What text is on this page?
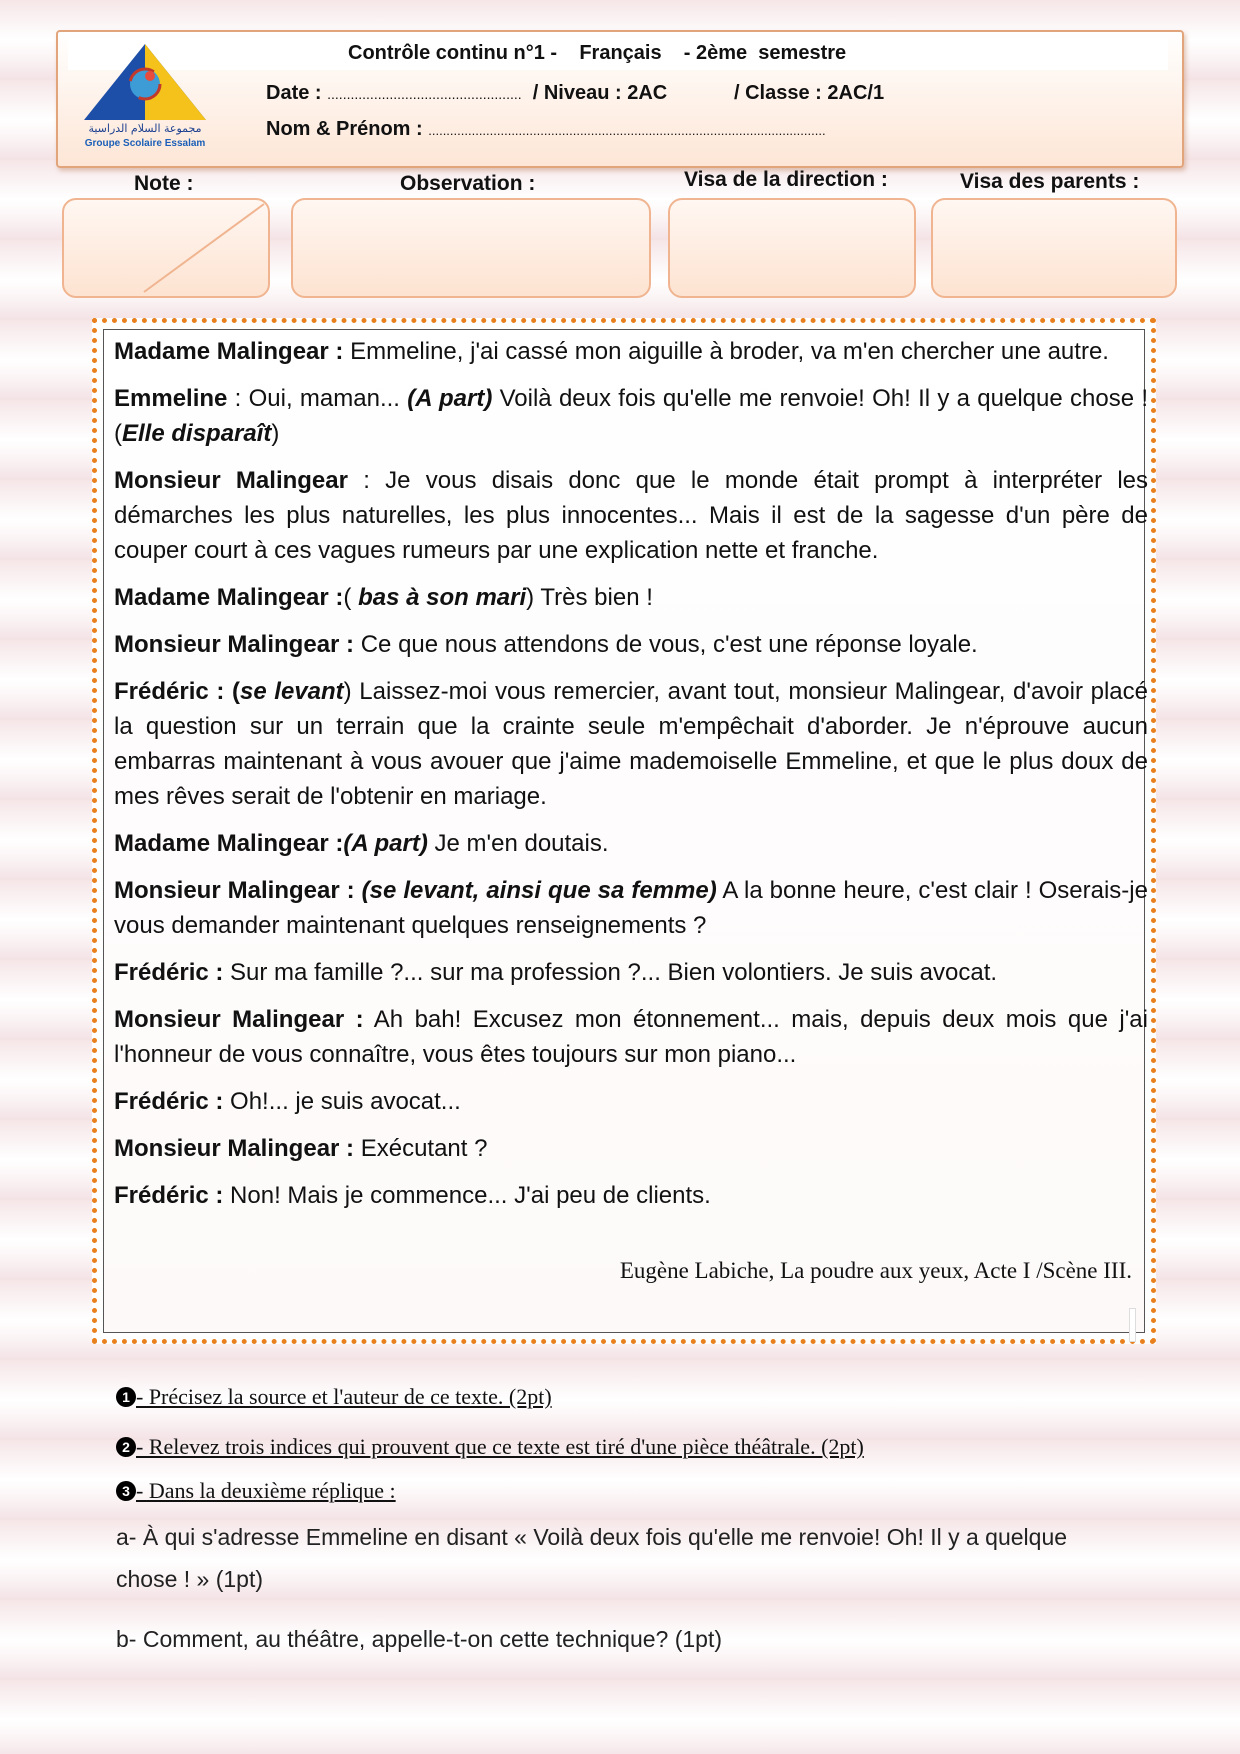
مجموعة السلام الدراسية
Groupe Scolaire Essalam
Contrôle continu n°1 -    Français    - 2ème  semestre
Date : ..................................................  / Niveau : 2AC	/ Classe : 2AC/1
Nom & Prénom : ..............................................................................................................
Note :	Observation :	Visa de la direction :	Visa des parents :

Madame Malingear : Emmeline, j'ai cassé mon aiguille à broder, va m'en chercher une autre.

Emmeline : Oui, maman... (A part) Voilà deux fois qu'elle me renvoie! Oh! Il y a quelque chose ! (Elle disparaît)

Monsieur Malingear : Je vous disais donc que le monde était prompt à interpréter les démarches les plus naturelles, les plus innocentes... Mais il est de la sagesse d'un père de couper court à ces vagues rumeurs par une explication nette et franche.

Madame Malingear :( bas à son mari) Très bien !

Monsieur Malingear : Ce que nous attendons de vous, c'est une réponse loyale.

Frédéric : (se levant) Laissez-moi vous remercier, avant tout, monsieur Malingear, d'avoir placé la question sur un terrain que la crainte seule m'empêchait d'aborder. Je n'éprouve aucun embarras maintenant à vous avouer que j'aime mademoiselle Emmeline, et que le plus doux de mes rêves serait de l'obtenir en mariage.

Madame Malingear :(A part) Je m'en doutais.

Monsieur Malingear : (se levant, ainsi que sa femme) A la bonne heure, c'est clair ! Oserais-je vous demander maintenant quelques renseignements ?

Frédéric : Sur ma famille ?... sur ma profession ?... Bien volontiers. Je suis avocat.

Monsieur Malingear : Ah bah! Excusez mon étonnement... mais, depuis deux mois que j'ai l'honneur de vous connaître, vous êtes toujours sur mon piano...

Frédéric : Oh!... je suis avocat...

Monsieur Malingear : Exécutant ?

Frédéric : Non! Mais je commence... J'ai peu de clients.

Eugène Labiche, La poudre aux yeux, Acte I /Scène III.
1 - Précisez la source et l'auteur de ce texte. (2pt)
2 - Relevez trois indices qui prouvent que ce texte est tiré d'une pièce théâtrale. (2pt)
3 - Dans la deuxième réplique :
a- À qui s'adresse Emmeline en disant « Voilà deux fois qu'elle me renvoie! Oh! Il y a quelque chose ! » (1pt)
b- Comment, au théâtre, appelle-t-on cette technique? (1pt)
